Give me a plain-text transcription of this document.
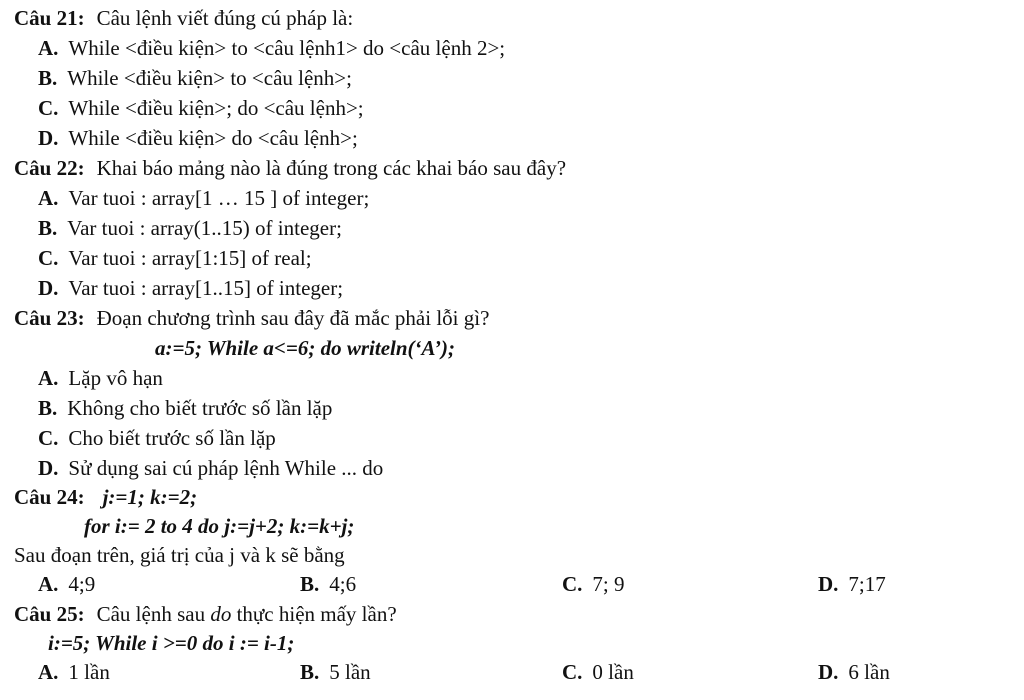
Câu 21: Câu lệnh viết đúng cú pháp là:
A. While <điều kiện> to <câu lệnh1> do <câu lệnh 2>;
B. While <điều kiện> to <câu lệnh>;
C. While <điều kiện>; do <câu lệnh>;
D. While <điều kiện> do <câu lệnh>;
Câu 22: Khai báo mảng nào là đúng trong các khai báo sau đây?
A. Var tuoi : array[1 … 15 ] of integer;
B. Var tuoi : array(1..15) of integer;
C. Var tuoi : array[1:15] of real;
D. Var tuoi : array[1..15] of integer;
Câu 23: Đoạn chương trình sau đây đã mắc phải lỗi gì?
a:=5; While a<=6; do writeln(‘A’);
A. Lặp vô hạn
B. Không cho biết trước số lần lặp
C. Cho biết trước số lần lặp
D. Sử dụng sai cú pháp lệnh While ... do
Câu 24: j:=1; k:=2;
for i:= 2 to 4 do j:=j+2; k:=k+j;
Sau đoạn trên, giá trị của j và k sẽ bằng
A. 4;9	B. 4;6	C. 7; 9	D. 7;17
Câu 25: Câu lệnh sau do thực hiện mấy lần?
i:=5; While i >=0 do i := i-1;
A. 1 lần	B. 5 lần	C. 0 lần	D. 6 lần
